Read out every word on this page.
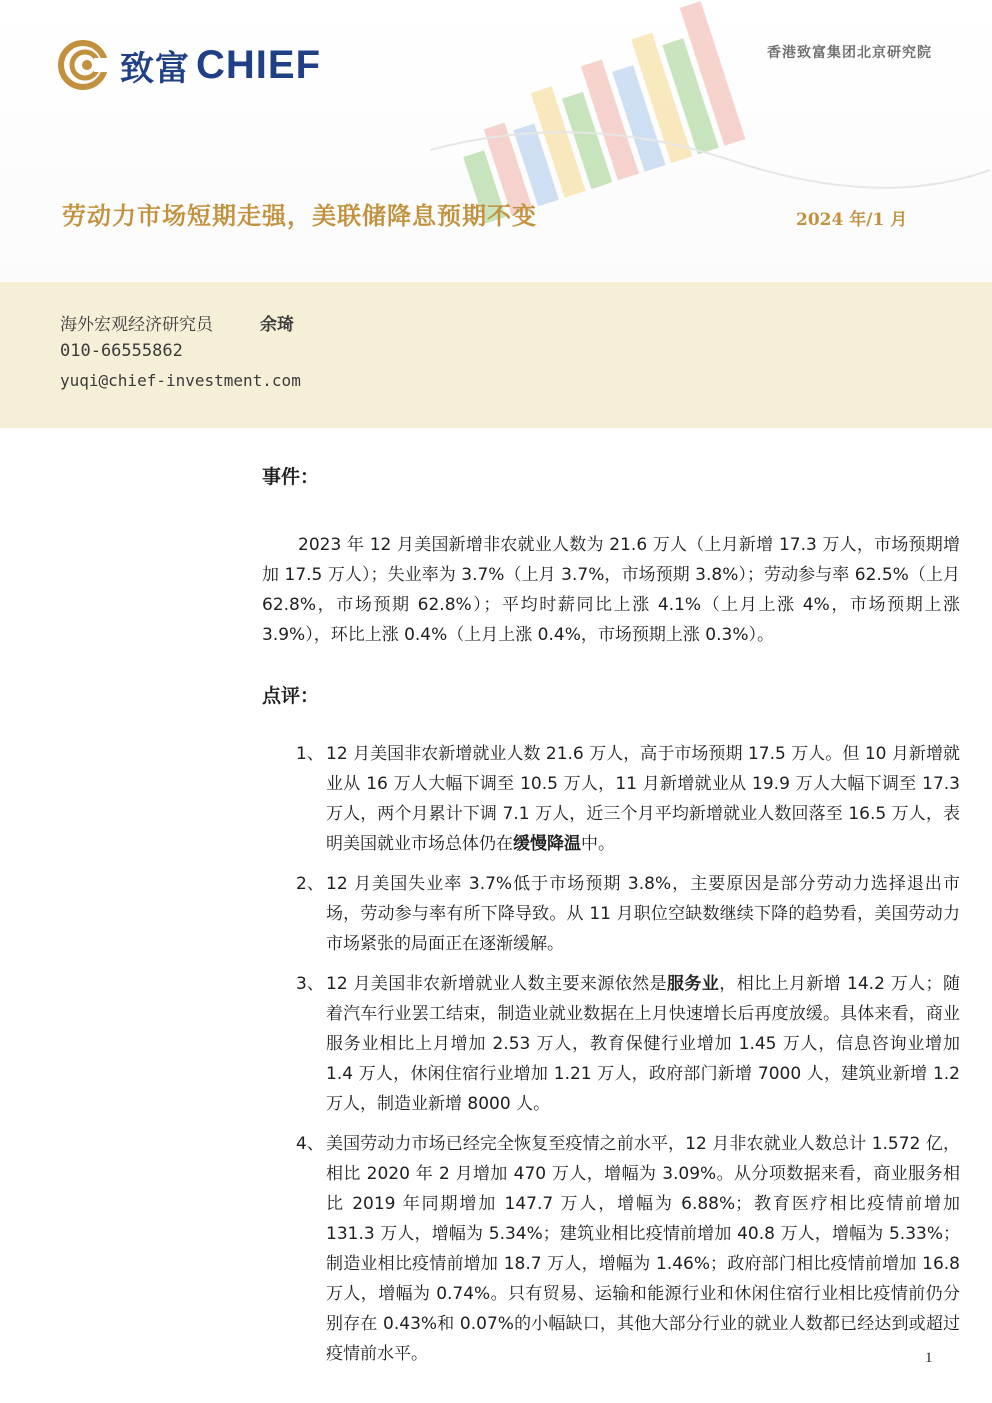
致富 CHIEF	香港致富集团北京研究院
劳动力市场短期走强，美联储降息预期不变	2024 年/1 月
海外宏观经济研究员	余琦
010-66555862
yuqi@chief-investment.com

事件：

2023 年 12 月美国新增非农就业人数为 21.6 万人（上月新增 17.3 万人，市场预期增加 17.5 万人）；失业率为 3.7%（上月 3.7%，市场预期 3.8%）；劳动参与率 62.5%（上月 62.8%，市场预期 62.8%）；平均时薪同比上涨 4.1%（上月上涨 4%，市场预期上涨 3.9%），环比上涨 0.4%（上月上涨 0.4%，市场预期上涨 0.3%）。

点评：

1、 12 月美国非农新增就业人数 21.6 万人，高于市场预期 17.5 万人。但 10 月新增就业从 16 万人大幅下调至 10.5 万人，11 月新增就业从 19.9 万人大幅下调至 17.3 万人，两个月累计下调 7.1 万人，近三个月平均新增就业人数回落至 16.5 万人，表明美国就业市场总体仍在缓慢降温中。
2、 12 月美国失业率 3.7%低于市场预期 3.8%，主要原因是部分劳动力选择退出市场，劳动参与率有所下降导致。从 11 月职位空缺数继续下降的趋势看，美国劳动力市场紧张的局面正在逐渐缓解。
3、 12 月美国非农新增就业人数主要来源依然是服务业，相比上月新增 14.2 万人；随着汽车行业罢工结束，制造业就业数据在上月快速增长后再度放缓。具体来看，商业服务业相比上月增加 2.53 万人，教育保健行业增加 1.45 万人，信息咨询业增加 1.4 万人，休闲住宿行业增加 1.21 万人，政府部门新增 7000 人，建筑业新增 1.2 万人，制造业新增 8000 人。
4、 美国劳动力市场已经完全恢复至疫情之前水平，12 月非农就业人数总计 1.572 亿，相比 2020 年 2 月增加 470 万人，增幅为 3.09%。从分项数据来看，商业服务相比 2019 年同期增加 147.7 万人，增幅为 6.88%；教育医疗相比疫情前增加 131.3 万人，增幅为 5.34%；建筑业相比疫情前增加 40.8 万人，增幅为 5.33%；制造业相比疫情前增加 18.7 万人，增幅为 1.46%；政府部门相比疫情前增加 16.8 万人，增幅为 0.74%。只有贸易、运输和能源行业和休闲住宿行业相比疫情前仍分别存在 0.43%和 0.07%的小幅缺口，其他大部分行业的就业人数都已经达到或超过疫情前水平。	1
